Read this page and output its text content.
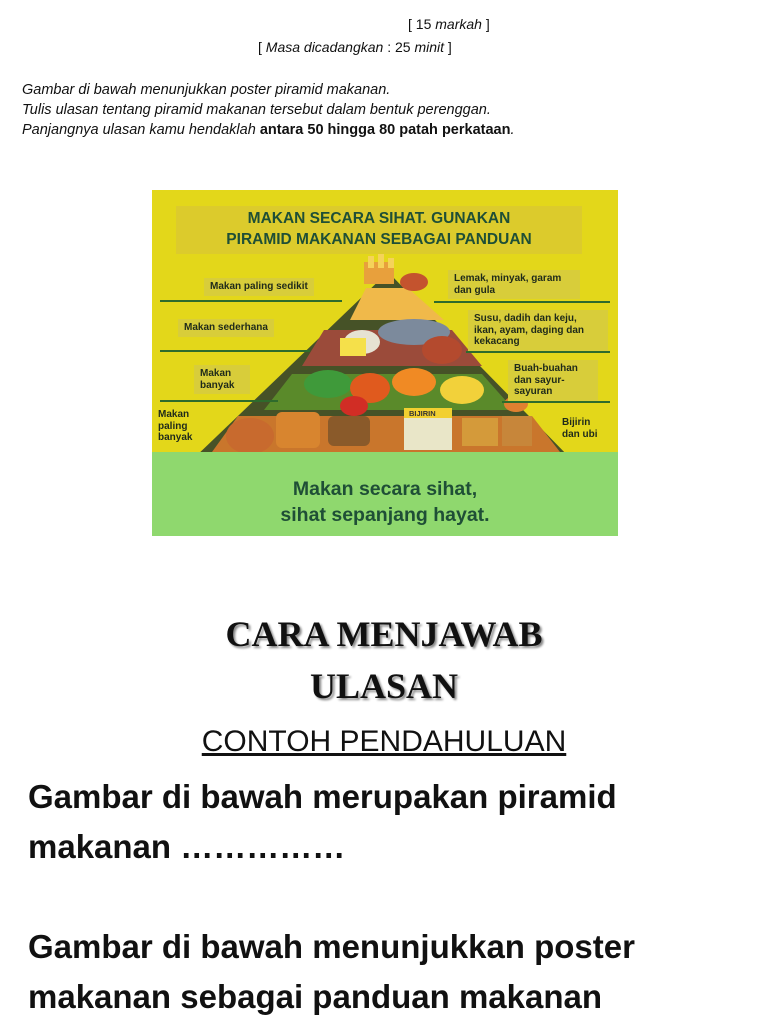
[ 15 markah ]
[ Masa dicadangkan : 25 minit ]
Gambar di bawah menunjukkan poster piramid makanan.
Tulis ulasan tentang piramid makanan tersebut dalam bentuk perenggan.
Panjangnya ulasan kamu hendaklah antara 50 hingga 80 patah perkataan.
MAKAN SECARA SIHAT. GUNAKAN
PIRAMID MAKANAN SEBAGAI PANDUAN
BIJIRIN
Makan paling sedikit
Makan sederhana
Makan banyak
Makan paling banyak
Lemak, minyak, garam dan gula
Susu, dadih dan keju, ikan, ayam, daging dan kekacang
Buah-buahan dan sayur-sayuran
Bijirin dan ubi
Makan secara sihat,
sihat sepanjang hayat.
CARA MENJAWAB
ULASAN
CONTOH PENDAHULUAN
Gambar di bawah merupakan piramid
makanan ……………
Gambar di bawah menunjukkan poster
makanan sebagai panduan makanan
